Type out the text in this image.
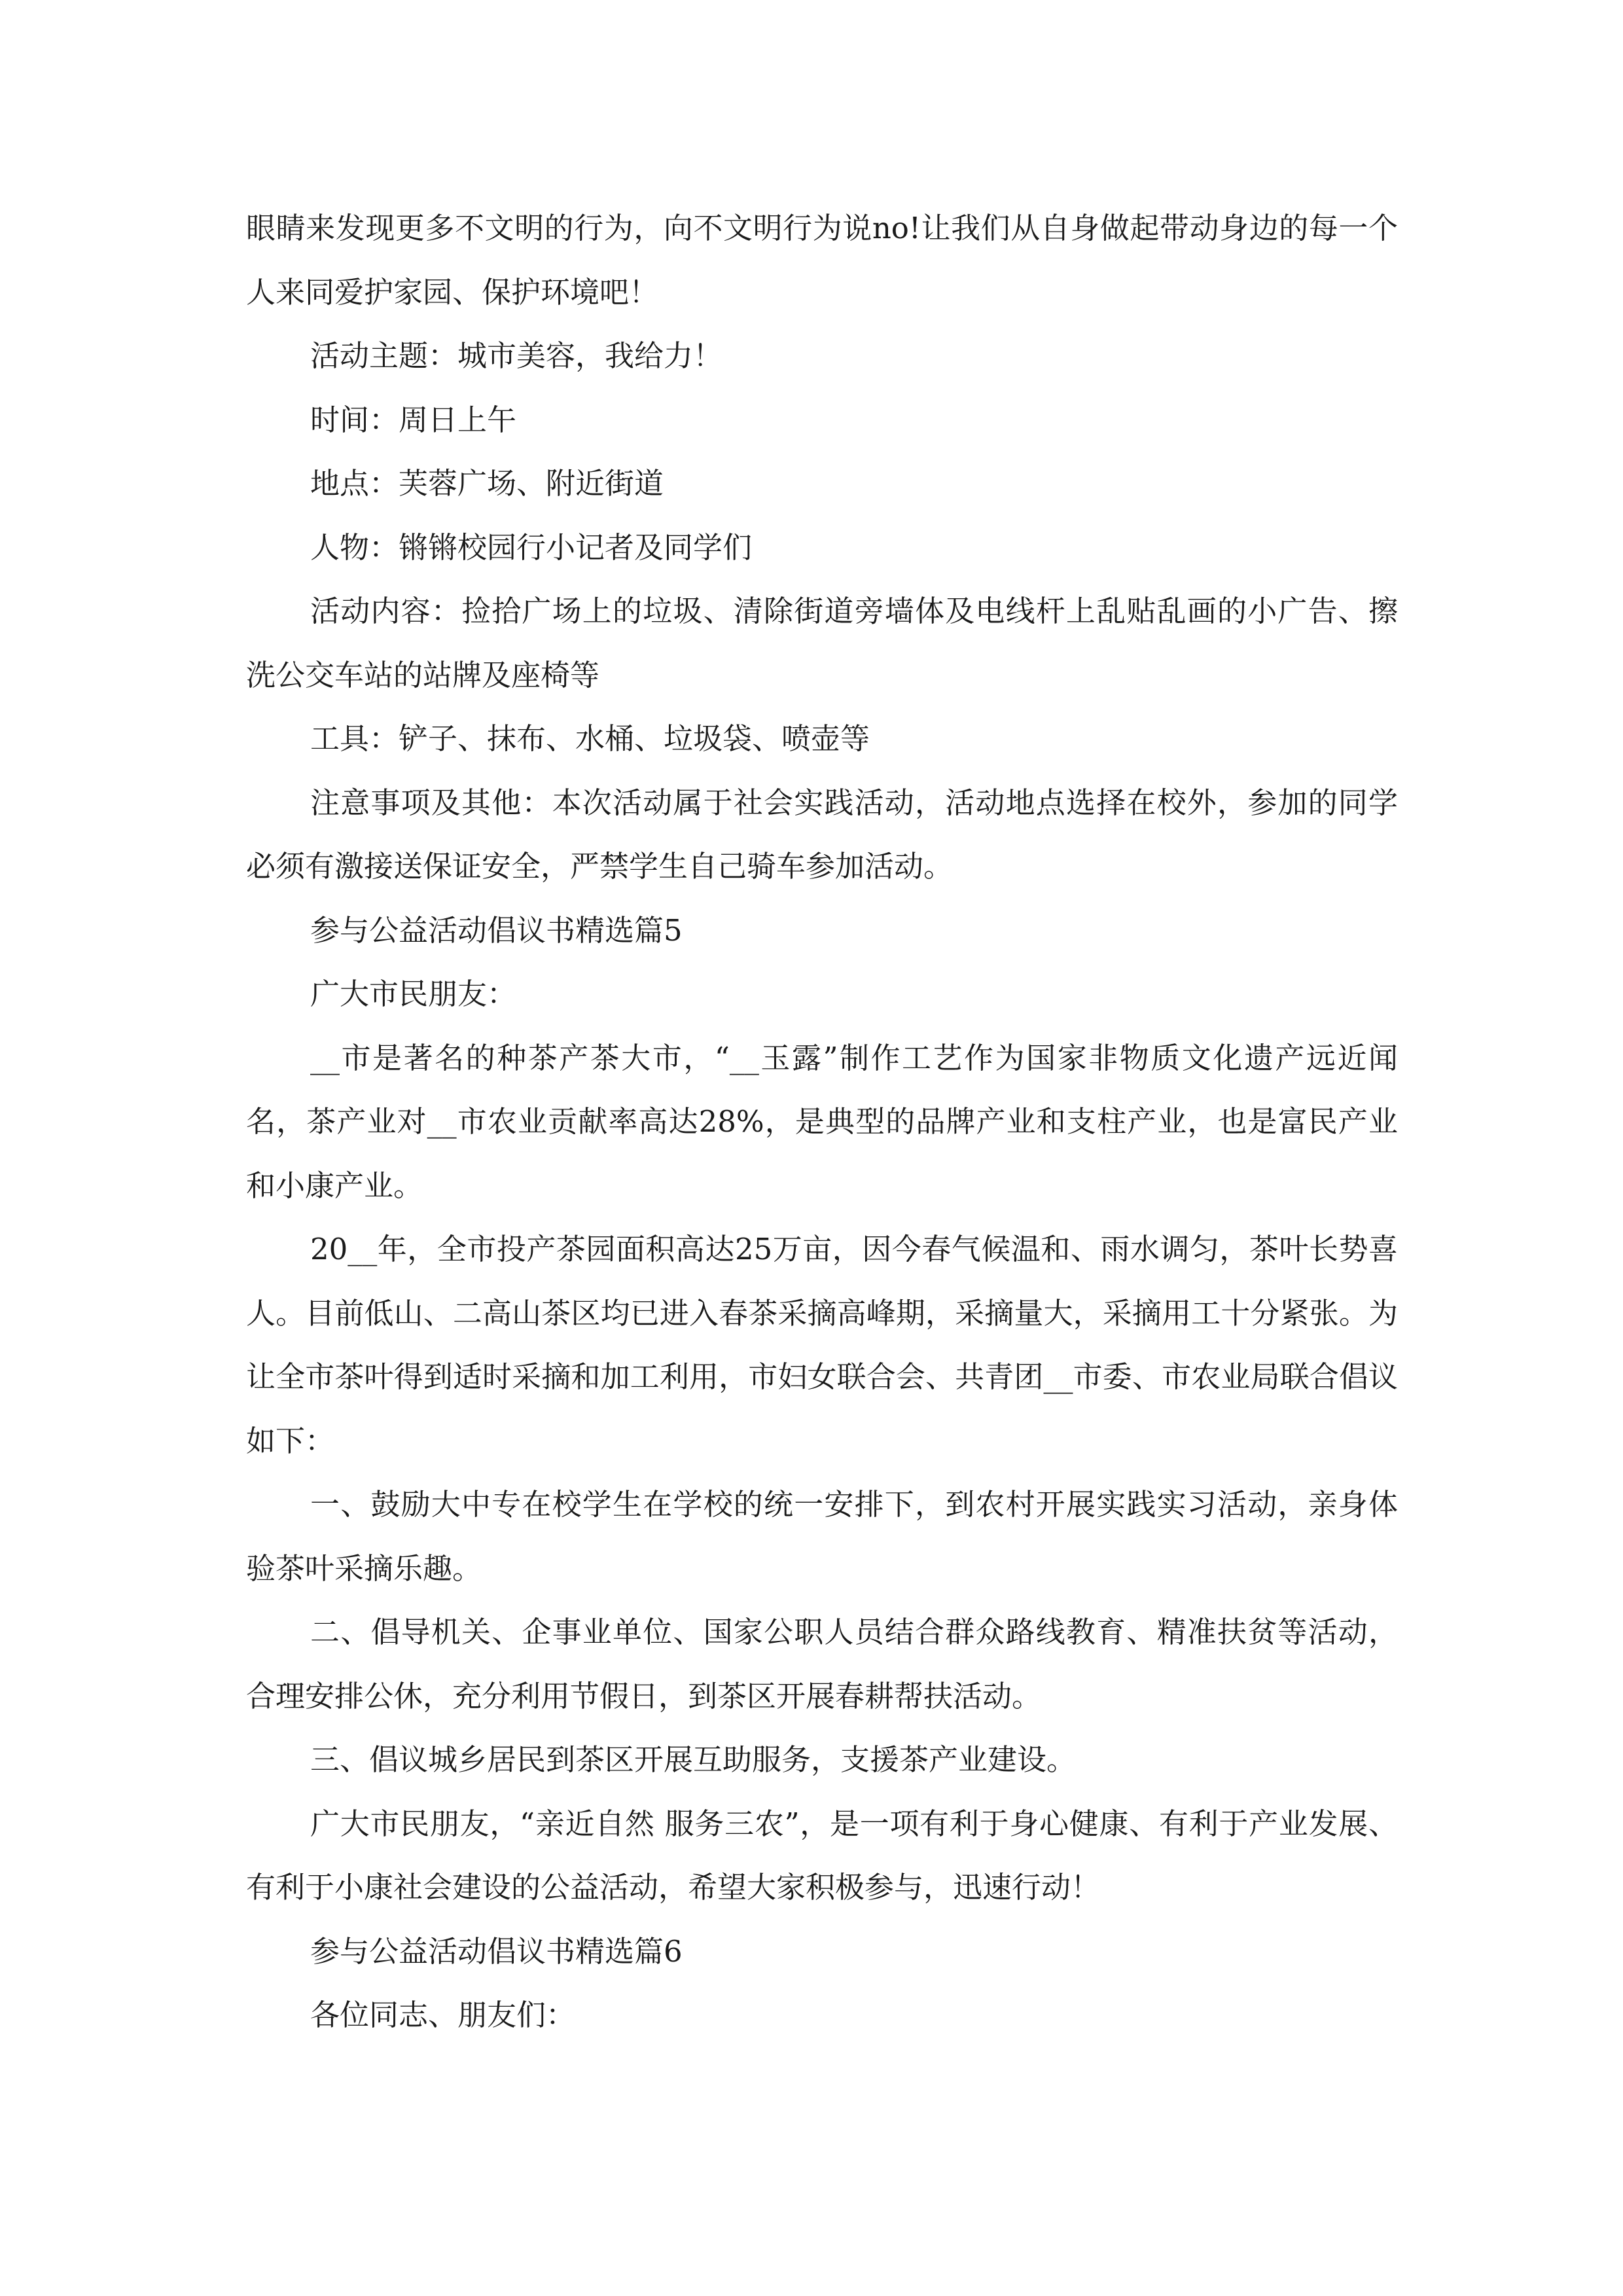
眼睛来发现更多不文明的行为，向不文明行为说no!让我们从自身做起带动身边的每一个人来同爱护家园、保护环境吧！

活动主题：城市美容，我给力！

时间：周日上午

地点：芙蓉广场、附近街道

人物：锵锵校园行小记者及同学们

活动内容：捡拾广场上的垃圾、清除街道旁墙体及电线杆上乱贴乱画的小广告、擦洗公交车站的站牌及座椅等

工具：铲子、抹布、水桶、垃圾袋、喷壶等

注意事项及其他：本次活动属于社会实践活动，活动地点选择在校外，参加的同学必须有激接送保证安全，严禁学生自己骑车参加活动。

参与公益活动倡议书精选篇5

广大市民朋友：

__市是著名的种茶产茶大市，“__玉露”制作工艺作为国家非物质文化遗产远近闻名，茶产业对__市农业贡献率高达28%，是典型的品牌产业和支柱产业，也是富民产业和小康产业。

20__年，全市投产茶园面积高达25万亩，因今春气候温和、雨水调匀，茶叶长势喜人。目前低山、二高山茶区均已进入春茶采摘高峰期，采摘量大，采摘用工十分紧张。为让全市茶叶得到适时采摘和加工利用，市妇女联合会、共青团__市委、市农业局联合倡议如下：

一、鼓励大中专在校学生在学校的统一安排下，到农村开展实践实习活动，亲身体验茶叶采摘乐趣。

二、倡导机关、企事业单位、国家公职人员结合群众路线教育、精准扶贫等活动，合理安排公休，充分利用节假日，到茶区开展春耕帮扶活动。

三、倡议城乡居民到茶区开展互助服务，支援茶产业建设。

广大市民朋友，“亲近自然 服务三农”，是一项有利于身心健康、有利于产业发展、有利于小康社会建设的公益活动，希望大家积极参与，迅速行动！

参与公益活动倡议书精选篇6

各位同志、朋友们：
